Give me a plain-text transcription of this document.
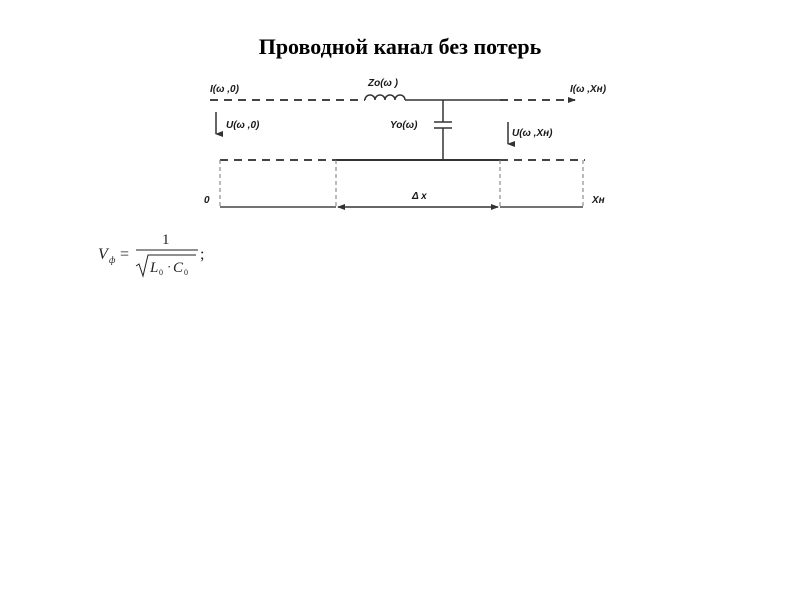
Проводной канал без потерь
I(ω ,0)
U(ω ,0)
Zo(ω )
Yo(ω)
I(ω ,Xн)
U(ω ,Xн)
0	Δ x	Xн
V ф =
1
L 0 · C 0
;
